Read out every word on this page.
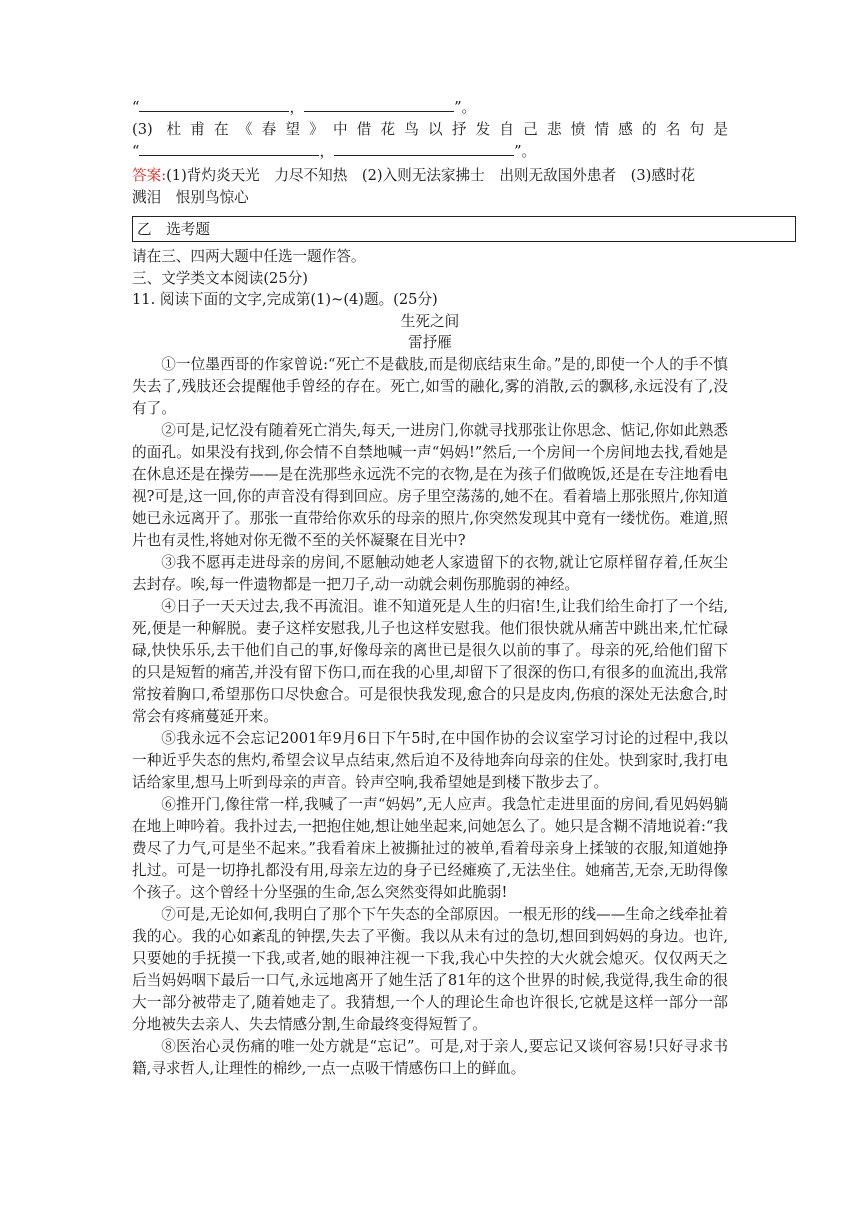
“	，	”。

(3) 杜甫在《春望》中借花鸟以抒发自己悲愤情感的名句是

“	，	”。

答案:(1)背灼炎天光　力尽不知热　(2)入则无法家拂士　出则无敌国外患者　(3)感时花

溅泪　恨别鸟惊心

乙　选考题

请在三、四两大题中任选一题作答。

三、文学类文本阅读(25分)

11. 阅读下面的文字,完成第(1)~(4)题。(25分)

生死之间

雷抒雁

①一位墨西哥的作家曾说:“死亡不是截肢,而是彻底结束生命。”是的,即使一个人的手不慎失去了,残肢还会提醒他手曾经的存在。死亡,如雪的融化,雾的消散,云的飘移,永远没有了,没有了。

②可是,记忆没有随着死亡消失,每天,一进房门,你就寻找那张让你思念、惦记,你如此熟悉的面孔。如果没有找到,你会情不自禁地喊一声“妈妈!”然后,一个房间一个房间地去找,看她是在休息还是在操劳——是在洗那些永远洗不完的衣物,是在为孩子们做晚饭,还是在专注地看电视?可是,这一回,你的声音没有得到回应。房子里空荡荡的,她不在。看着墙上那张照片,你知道她已永远离开了。那张一直带给你欢乐的母亲的照片,你突然发现其中竟有一缕忧伤。难道,照片也有灵性,将她对你无微不至的关怀凝聚在目光中?

③我不愿再走进母亲的房间,不愿触动她老人家遗留下的衣物,就让它原样留存着,任灰尘去封存。唉,每一件遗物都是一把刀子,动一动就会刺伤那脆弱的神经。

④日子一天天过去,我不再流泪。谁不知道死是人生的归宿!生,让我们给生命打了一个结,死,便是一种解脱。妻子这样安慰我,儿子也这样安慰我。他们很快就从痛苦中跳出来,忙忙碌碌,快快乐乐,去干他们自己的事,好像母亲的离世已是很久以前的事了。母亲的死,给他们留下的只是短暂的痛苦,并没有留下伤口,而在我的心里,却留下了很深的伤口,有很多的血流出,我常常按着胸口,希望那伤口尽快愈合。可是很快我发现,愈合的只是皮肉,伤痕的深处无法愈合,时常会有疼痛蔓延开来。

⑤我永远不会忘记2001年9月6日下午5时,在中国作协的会议室学习讨论的过程中,我以一种近乎失态的焦灼,希望会议早点结束,然后迫不及待地奔向母亲的住处。快到家时,我打电话给家里,想马上听到母亲的声音。铃声空响,我希望她是到楼下散步去了。

⑥推开门,像往常一样,我喊了一声“妈妈”,无人应声。我急忙走进里面的房间,看见妈妈躺在地上呻吟着。我扑过去,一把抱住她,想让她坐起来,问她怎么了。她只是含糊不清地说着:“我费尽了力气,可是坐不起来。”我看着床上被撕扯过的被单,看着母亲身上揉皱的衣服,知道她挣扎过。可是一切挣扎都没有用,母亲左边的身子已经瘫痪了,无法坐住。她痛苦,无奈,无助得像个孩子。这个曾经十分坚强的生命,怎么突然变得如此脆弱!

⑦可是,无论如何,我明白了那个下午失态的全部原因。一根无形的线——生命之线牵扯着我的心。我的心如紊乱的钟摆,失去了平衡。我以从未有过的急切,想回到妈妈的身边。也许,只要她的手抚摸一下我,或者,她的眼神注视一下我,我心中失控的大火就会熄灭。仅仅两天之后当妈妈咽下最后一口气,永远地离开了她生活了81年的这个世界的时候,我觉得,我生命的很大一部分被带走了,随着她走了。我猜想,一个人的理论生命也许很长,它就是这样一部分一部分地被失去亲人、失去情感分割,生命最终变得短暂了。

⑧医治心灵伤痛的唯一处方就是“忘记”。可是,对于亲人,要忘记又谈何容易!只好寻求书籍,寻求哲人,让理性的棉纱,一点一点吸干情感伤口上的鲜血。
